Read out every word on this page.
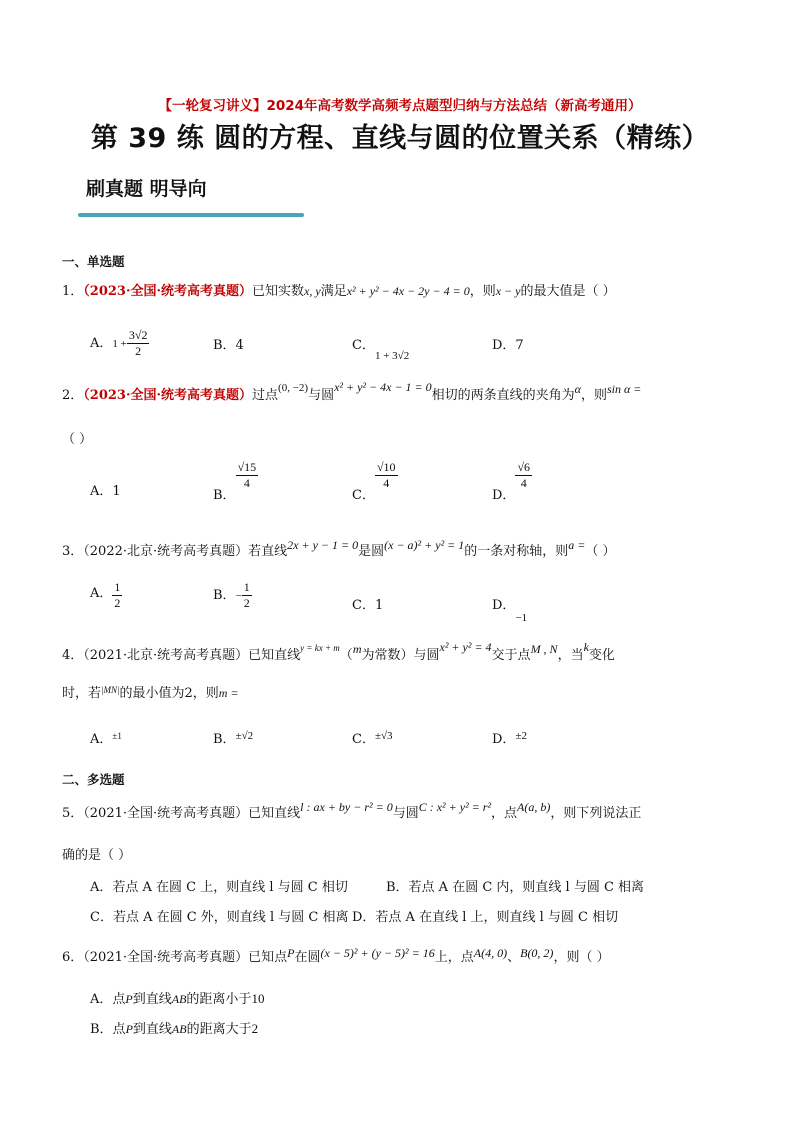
【一轮复习讲义】2024年高考数学高频考点题型归纳与方法总结（新高考通用）
第 39 练 圆的方程、直线与圆的位置关系（精练）
刷真题 明导向
一、单选题
1．（2023·全国·统考高考真题）已知实数x, y满足x² + y² − 4x − 2y − 4 = 0，则x − y的最大值是（ ）
A．$1 + \frac{3√2}{2}$	B．4	C．$_{1 + 3√2}$
D．7
2．（2023·全国·统考高考真题）过点$^{(0, -2)}$与圆x² + y² − 4x − 1 = 0相切的两条直线的夹角为α，则sin α =
（ ）
A．1	B．
$\frac{√15}{4}$
C．
$\frac{√10}{4}$
D．
$\frac{√6}{4}$
3．（2022·北京·统考高考真题）若直线2x + y − 1 = 0是圆(x − a)² + y² = 1的一条对称轴，则a =（ ）
A． $\frac{1}{2}$	B．− $\frac{1}{2}$	C．1	D．$_{-1}$
4．（2021·北京·统考高考真题）已知直线$^{y = kx + m}$（m为常数）与圆x² + y² = 4交于点M , N，当k变化
时，若$^{|MN|}$的最小值为2，则m =
A．$^{\pm 1}$	B．$^{\pm√2}$	C．$^{\pm√3}$	D．$^{\pm 2}$
二、多选题
5．（2021·全国·统考高考真题）已知直线l : ax + by − r² = 0与圆C : x² + y² = r²，点A(a, b)，则下列说法正
确的是（ ）
A．若点 A 在圆 C 上，则直线 l 与圆 C 相切	B．若点 A 在圆 C 内，则直线 l 与圆 C 相离
C．若点 A 在圆 C 外，则直线 l 与圆 C 相离 D．若点 A 在直线 l 上，则直线 l 与圆 C 相切
6．（2021·全国·统考高考真题）已知点P在圆(x − 5)² + (y − 5)² = 16上，点A(4, 0)、B(0, 2)，则（ ）
A．点P到直线AB的距离小于10
B．点P到直线AB的距离大于2
